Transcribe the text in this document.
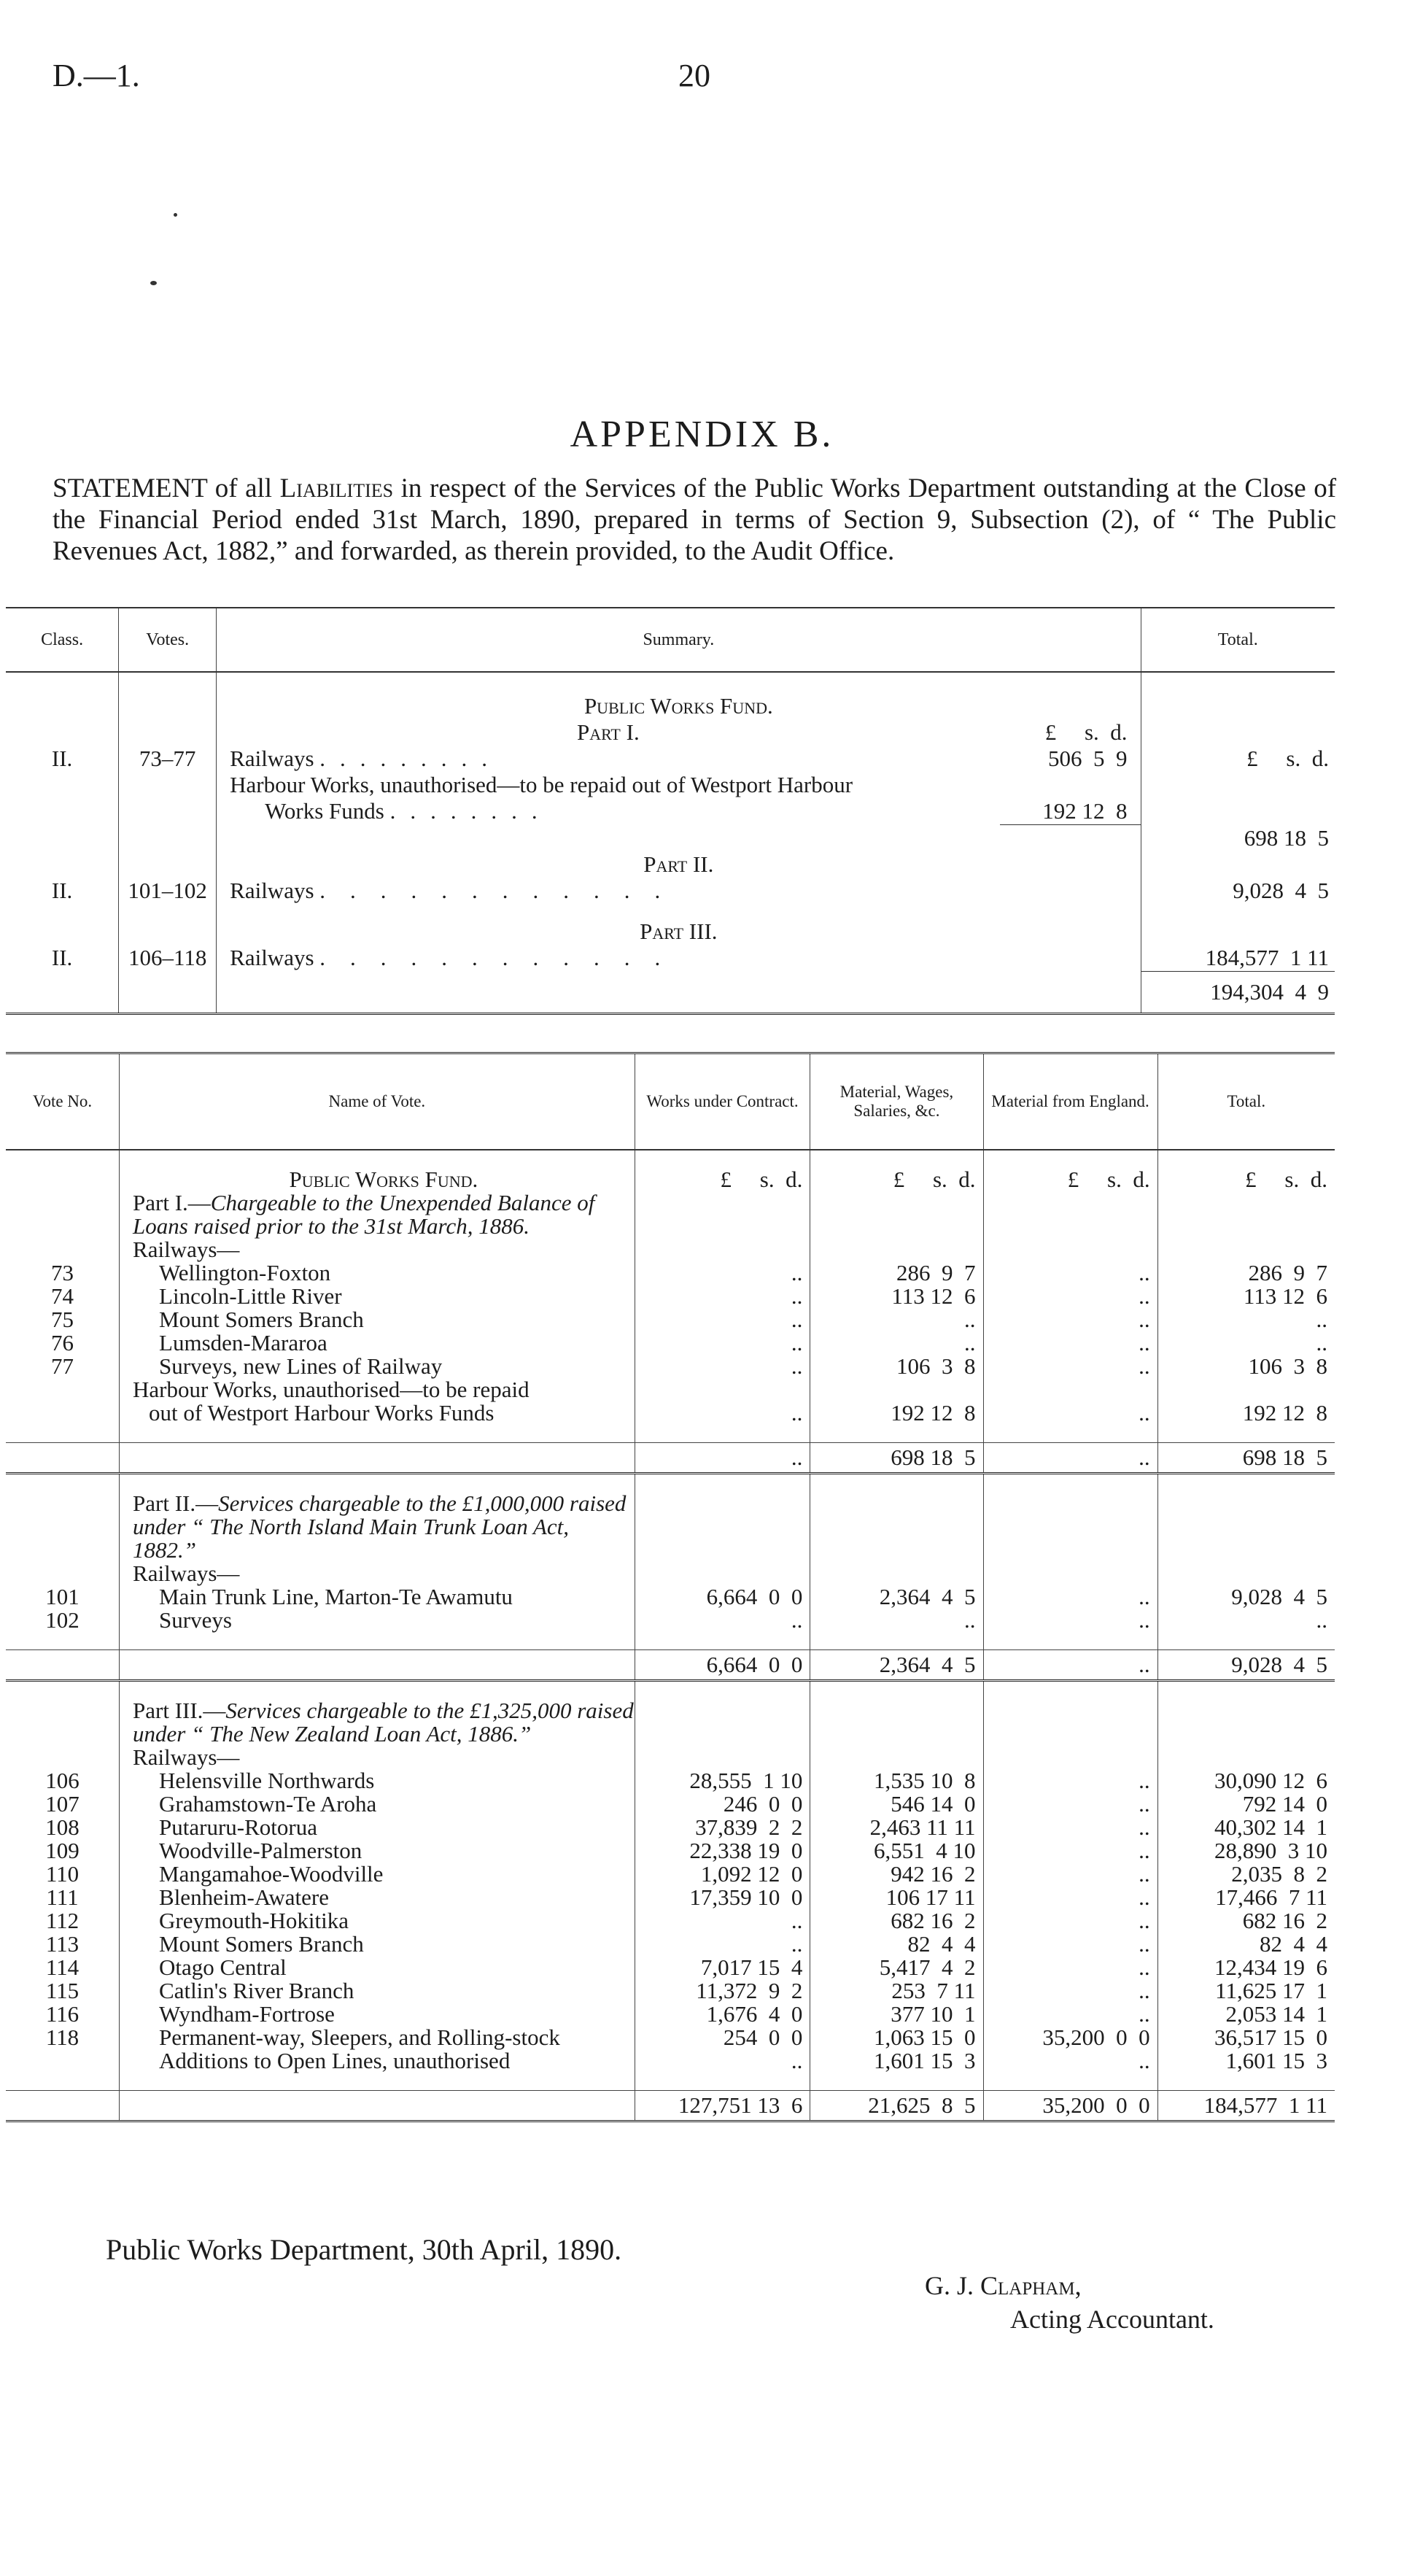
D.—1.	20
APPENDIX B.
STATEMENT of all Liabilities in respect of the Services of the Public Works Department outstanding at the Close of the Financial Period ended 31st March, 1890, prepared in terms of Section 9, Subsection (2), of “ The Public Revenues Act, 1882,” and forwarded, as therein provided, to the Audit Office.
Class.	Votes.	Summary.	Total.

		Public Works Fund.	

		Part I. £     s.  d.	

II.	73–77	Railways ......... 506  5  9	£     s.  d.

		Harbour Works, unauthorised—to be repaid out of Westport Harbour
Works Funds ........ 192 12  8	

			698 18  5
		Part II.	
II.	101–102	Railways ............	9,028  4  5

		Part III.	
II.	106–118	Railways ............	184,577  1 11
			194,304  4  9
Vote No.	Name of Vote.	Works under Contract.	Material, Wages, Salaries, &c.	Material from England.	Total.

	Public Works Fund.	£     s.  d.	£     s.  d.	£     s.  d.	£     s.  d.
	Part I.—Chargeable to the Unexpended Balance of Loans raised prior to the 31st March, 1886.
Railways—				

73	Wellington-Foxton	..	286  9  7	..	286  9  7
74	Lincoln-Little River	..	113 12  6	..	113 12  6
75	Mount Somers Branch	..	..	..	..
76	Lumsden-Mararoa	..	..	..	..
77	Surveys, new Lines of Railway	..	106  3  8	..	106  3  8
	Harbour Works, unauthorised—to be repaid
out of Westport Harbour Works Funds	..	192 12  8	..	192 12  8

		..	698 18  5	..	698 18  5

	Part II.—Services chargeable to the £1,000,000 raised under “ The North Island Main Trunk Loan Act, 1882.”
Railways—				

101	Main Trunk Line, Marton-Te Awamutu	6,664  0  0	2,364  4  5	..	9,028  4  5
102	Surveys	..	..	..	..

		6,664  0  0	2,364  4  5	..	9,028  4  5

	Part III.—Services chargeable to the £1,325,000 raised under “ The New Zealand Loan Act, 1886.”
Railways—				

106	Helensville Northwards	28,555  1 10	1,535 10  8	..	30,090 12  6
107	Grahamstown-Te Aroha	246  0  0	546 14  0	..	792 14  0
108	Putaruru-Rotorua	37,839  2  2	2,463 11 11	..	40,302 14  1
109	Woodville-Palmerston	22,338 19  0	6,551  4 10	..	28,890  3 10
110	Mangamahoe-Woodville	1,092 12  0	942 16  2	..	2,035  8  2
111	Blenheim-Awatere	17,359 10  0	106 17 11	..	17,466  7 11
112	Greymouth-Hokitika	..	682 16  2	..	682 16  2
113	Mount Somers Branch	..	82  4  4	..	82  4  4
114	Otago Central	7,017 15  4	5,417  4  2	..	12,434 19  6
115	Catlin's River Branch	11,372  9  2	253  7 11	..	11,625 17  1
116	Wyndham-Fortrose	1,676  4  0	377 10  1	..	2,053 14  1
118	Permanent-way, Sleepers, and Rolling-stock	254  0  0	1,063 15  0	35,200  0  0	36,517 15  0

	Additions to Open Lines, unauthorised	..	1,601 15  3	..	1,601 15  3

		127,751 13  6	21,625  8  5	35,200  0  0	184,577  1 11
Public Works Department, 30th April, 1890.
G. J. Clapham,
Acting Accountant.
